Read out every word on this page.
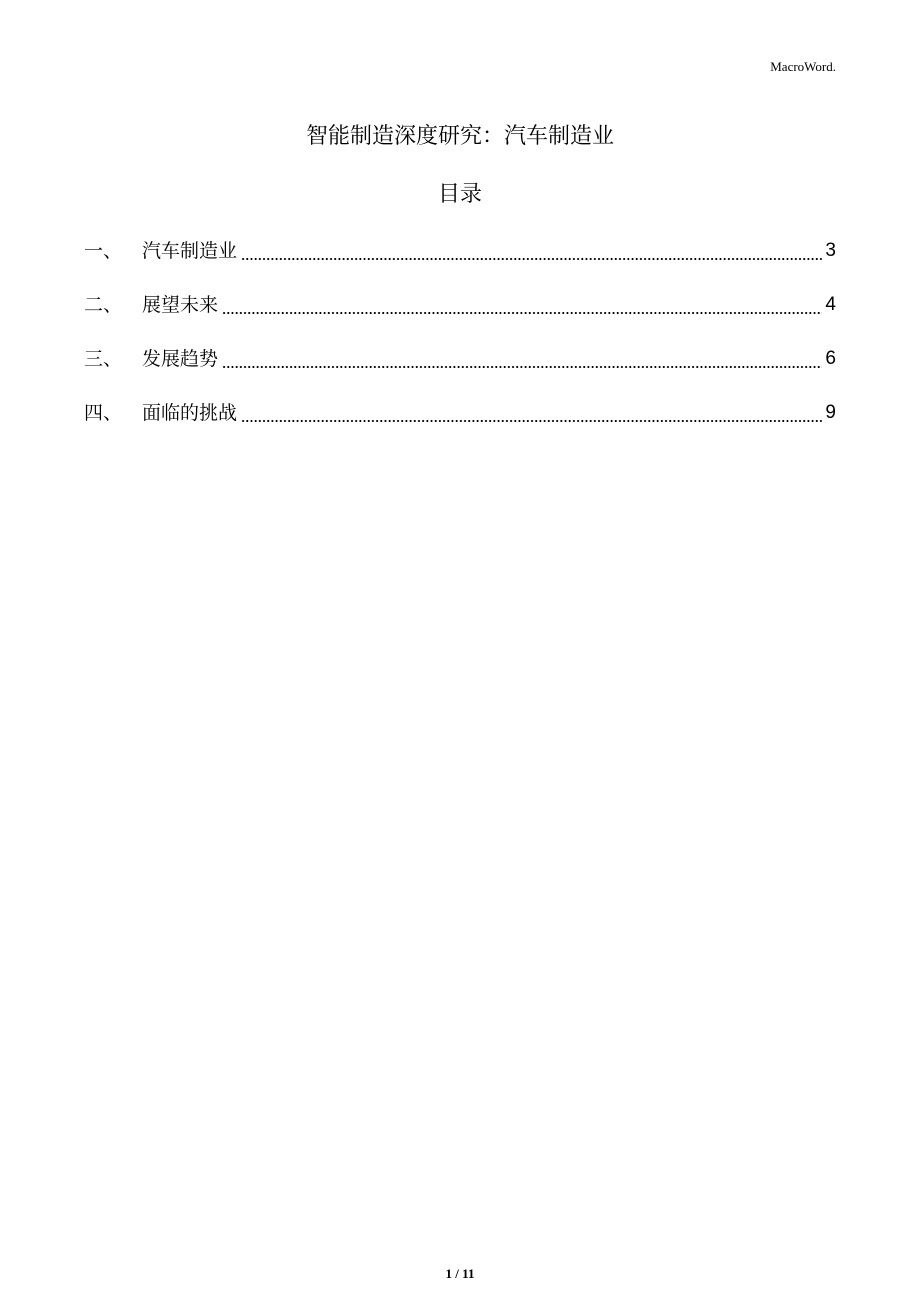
MacroWord.
智能制造深度研究：汽车制造业
目录
一、	汽车制造业	3
二、	展望未来	4
三、	发展趋势	6
四、	面临的挑战	9
1 / 11
